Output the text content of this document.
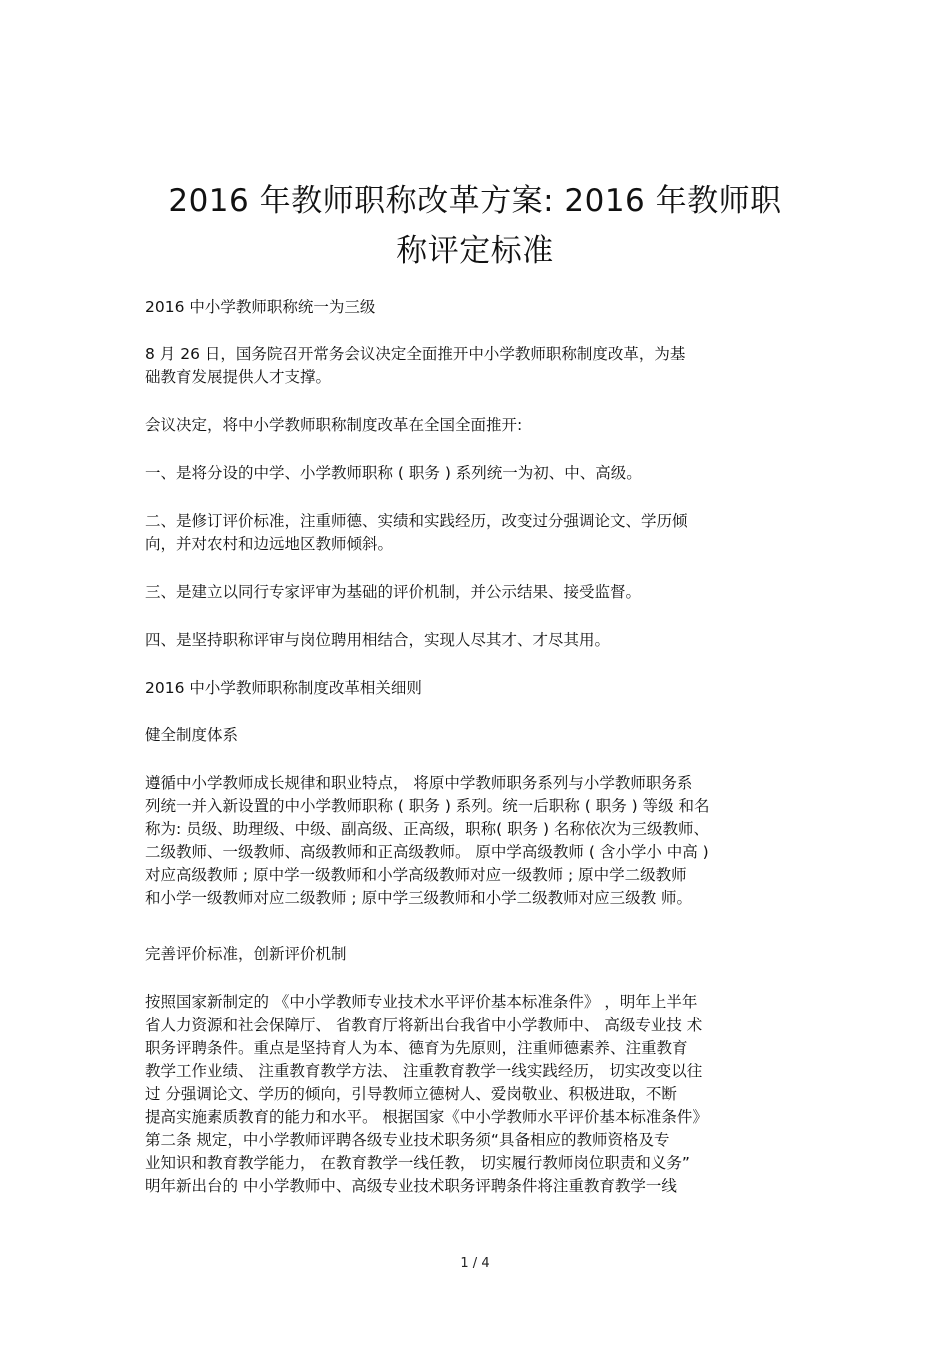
2016 年教师职称改革方案: 2016 年教师职
称评定标准
2016 中小学教师职称统一为三级
8 月 26 日，国务院召开常务会议决定全面推开中小学教师职称制度改革，为基
础教育发展提供人才支撑。
会议决定，将中小学教师职称制度改革在全国全面推开:
一、是将分设的中学、小学教师职称 ( 职务 ) 系列统一为初、中、高级。
二、是修订评价标准，注重师德、实绩和实践经历，改变过分强调论文、学历倾
向，并对农村和边远地区教师倾斜。
三、是建立以同行专家评审为基础的评价机制，并公示结果、接受监督。
四、是坚持职称评审与岗位聘用相结合，实现人尽其才、才尽其用。
2016 中小学教师职称制度改革相关细则
健全制度体系
遵循中小学教师成长规律和职业特点， 将原中学教师职务系列与小学教师职务系
列统一并入新设置的中小学教师职称 ( 职务 ) 系列。统一后职称 ( 职务 ) 等级 和名
称为: 员级、助理级、中级、副高级、正高级，职称( 职务 ) 名称依次为三级教师、
二级教师、一级教师、高级教师和正高级教师。 原中学高级教师 ( 含小学小 中高 )
对应高级教师 ; 原中学一级教师和小学高级教师对应一级教师 ; 原中学二级教师
和小学一级教师对应二级教师 ; 原中学三级教师和小学二级教师对应三级教 师。
完善评价标准，创新评价机制
按照国家新制定的 《中小学教师专业技术水平评价基本标准条件》 ，明年上半年
省人力资源和社会保障厅、 省教育厅将新出台我省中小学教师中、 高级专业技 术
职务评聘条件。重点是坚持育人为本、德育为先原则，注重师德素养、注重教育
教学工作业绩、 注重教育教学方法、 注重教育教学一线实践经历， 切实改变以往
过 分强调论文、学历的倾向，引导教师立德树人、爱岗敬业、积极进取，不断
提高实施素质教育的能力和水平。 根据国家《中小学教师水平评价基本标准条件》
第二条 规定，中小学教师评聘各级专业技术职务须“具备相应的教师资格及专
业知识和教育教学能力， 在教育教学一线任教， 切实履行教师岗位职责和义务”
明年新出台的 中小学教师中、高级专业技术职务评聘条件将注重教育教学一线
1 / 4
